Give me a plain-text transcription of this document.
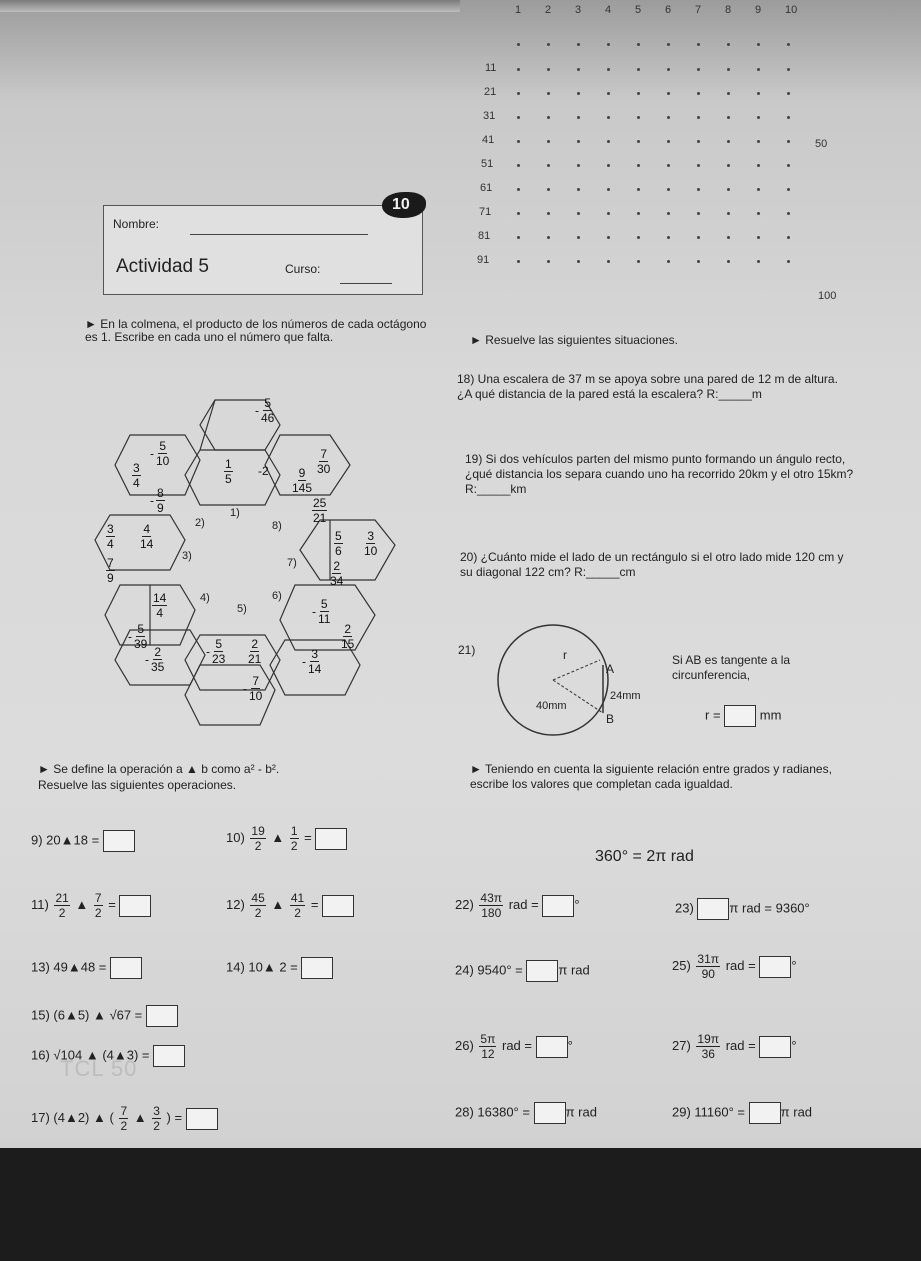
1 2 3 4 5 6 7 8 9 10
11
21
31
41
51
61
71
81
91
50
100
Nombre:
10
Actividad 5	Curso:
► En la colmena, el producto de los números de cada octágono es 1. Escribe en cada uno el número que falta.
- $\frac{5}{46}$
- $\frac{5}{10}$	$\frac{7}{30}$
$\frac{3}{4}$	$\frac{1}{5} -2 \frac{9}{145}$
- $\frac{8}{9}$	$\frac{25}{21}$
$\frac{3}{4} \frac{4}{14}$	$\frac{5}{6} \frac{3}{10}$
$\frac{7}{9}$	$\frac{2}{34}$
$\frac{14}{4}$	- $\frac{5}{11}$
- $\frac{5}{39}$	$\frac{2}{15}$
- $\frac{2}{35}$	- $\frac{5}{23} \frac{2}{21}$	- $\frac{3}{14}$
- $\frac{7}{10}$
1)
2)
3)
4)
5)
6)
7)
8)
► Se define la operación a ▲ b como a² - b².
Resuelve las siguientes operaciones.
9) 20▲18 =	$10) \frac{19}{2}$ ▲ $\frac{1}{2}$ =
$11) \frac{21}{2}$ ▲ $\frac{7}{2}$ =	$12) \frac{45}{2}$ ▲ $\frac{41}{2}$ =
13) 49▲48 =	14) 10▲ 2 =
15) (6▲5) ▲ √67 =
16) √104 ▲ (4▲3) =
TCL 50
17) (4▲2) ▲ ( $\frac{7}{2}$ ▲ $\frac{3}{2}$ ) =
► Resuelve las siguientes situaciones.
18) Una escalera de 37 m se apoya sobre una pared de 12 m de altura. ¿A qué distancia de la pared está la escalera? R:_____m
19) Si dos vehículos parten del mismo punto formando un ángulo recto, ¿qué distancia los separa cuando uno ha recorrido 20km y el otro 15km? R:_____km
20) ¿Cuánto mide el lado de un rectángulo si el otro lado mide 120 cm y su diagonal 122 cm? R:_____cm
21)	r
A
B
24mm
40mm
Si AB es tangente a la circunferencia,
r =	mm
► Teniendo en cuenta la siguiente relación entre grados y radianes, escribe los valores que completan cada igualdad.
360° = 2π rad
$22) \frac{43\pi}{180}$ rad =	°	23)	π rad = 9360°
24) 9540° =	π rad	$25) \frac{31\pi}{90}$ rad =	°
$26) \frac{5\pi}{12}$ rad =	°	$27) \frac{19\pi}{36}$ rad =	°
28) 16380° =	π rad	29) 11160° =	π rad
